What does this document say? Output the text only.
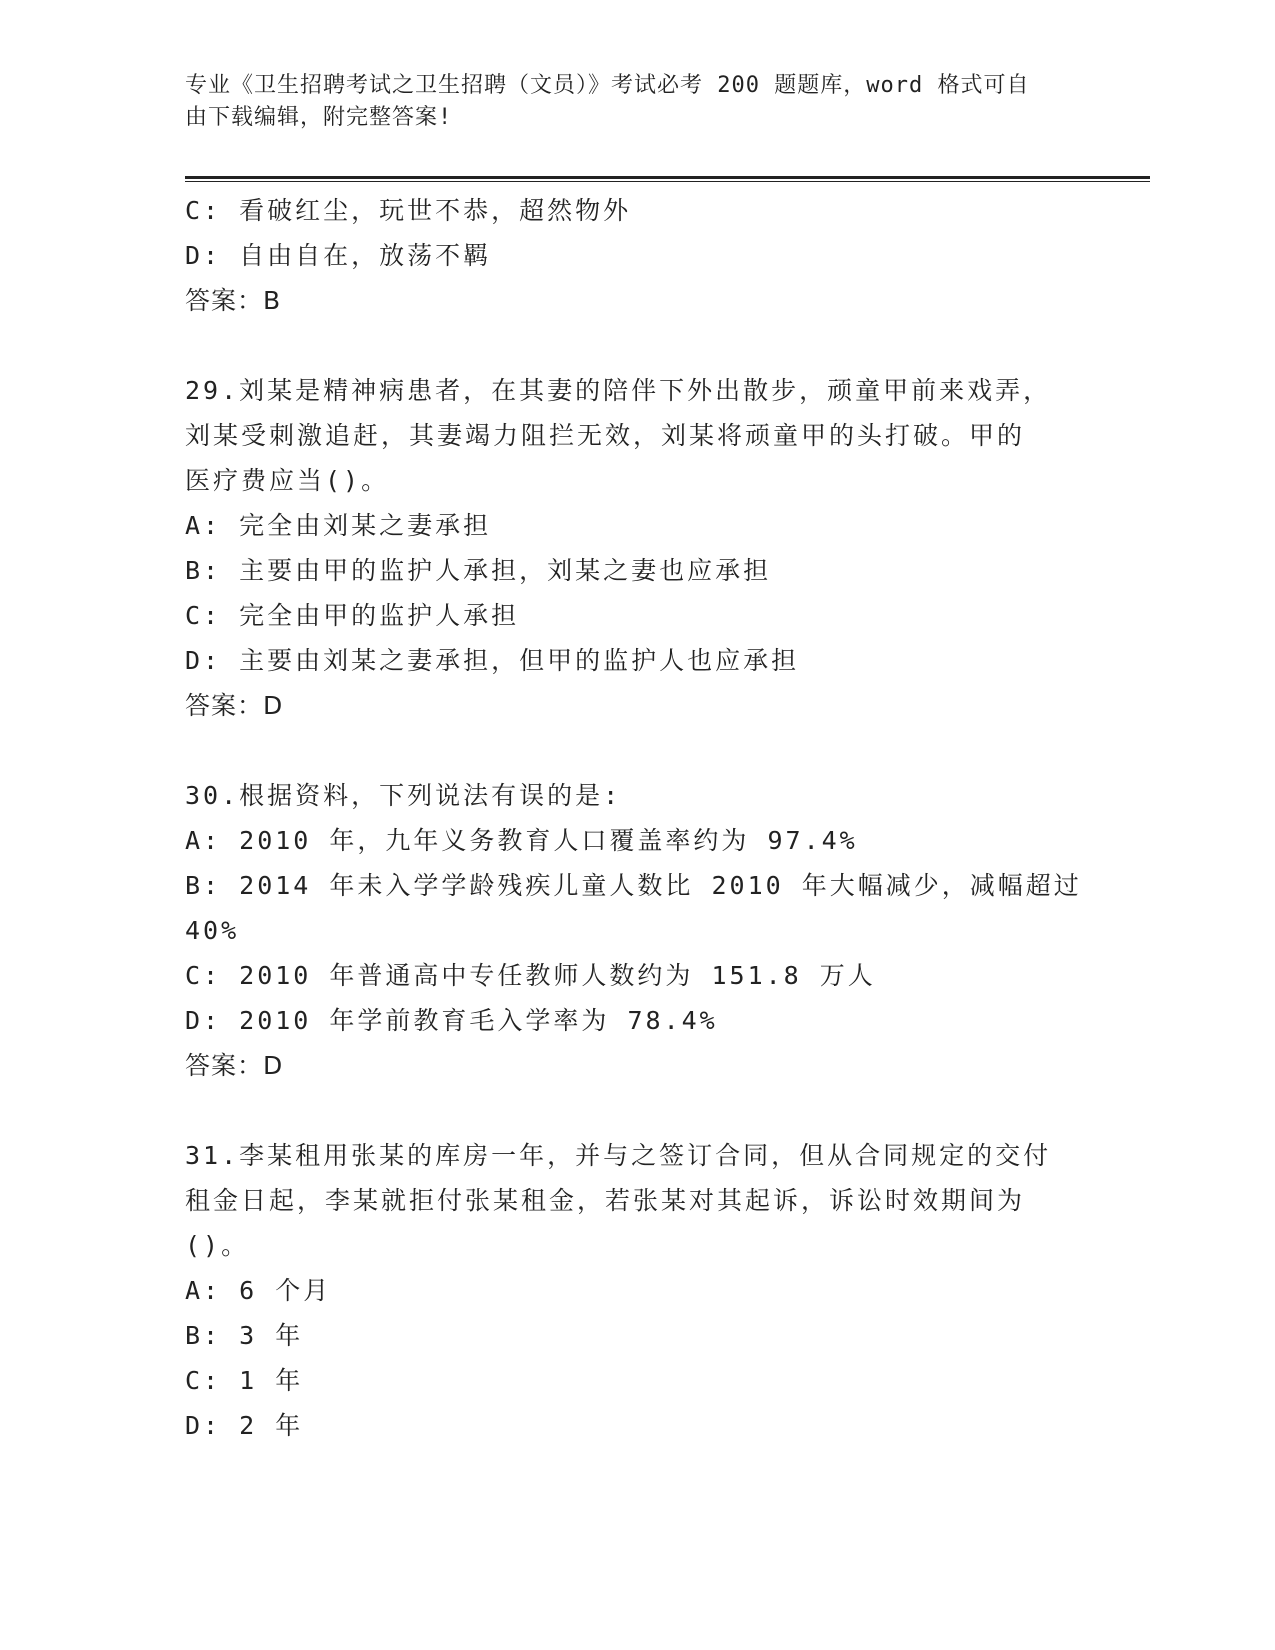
专业《卫生招聘考试之卫生招聘（文员）》考试必考 200 题题库，word 格式可自
由下载编辑，附完整答案!
C: 看破红尘，玩世不恭，超然物外
D: 自由自在，放荡不羁
答案：B
29.刘某是精神病患者，在其妻的陪伴下外出散步，顽童甲前来戏弄，
刘某受刺激追赶，其妻竭力阻拦无效，刘某将顽童甲的头打破。甲的
医疗费应当()。
A: 完全由刘某之妻承担
B: 主要由甲的监护人承担，刘某之妻也应承担
C: 完全由甲的监护人承担
D: 主要由刘某之妻承担，但甲的监护人也应承担
答案：D
30.根据资料，下列说法有误的是:
A: 2010 年，九年义务教育人口覆盖率约为 97.4%
B: 2014 年未入学学龄残疾儿童人数比 2010 年大幅减少，减幅超过
40%
C: 2010 年普通高中专任教师人数约为 151.8 万人
D: 2010 年学前教育毛入学率为 78.4%
答案：D
31.李某租用张某的库房一年，并与之签订合同，但从合同规定的交付
租金日起，李某就拒付张某租金，若张某对其起诉，诉讼时效期间为
()。
A: 6 个月
B: 3 年
C: 1 年
D: 2 年
